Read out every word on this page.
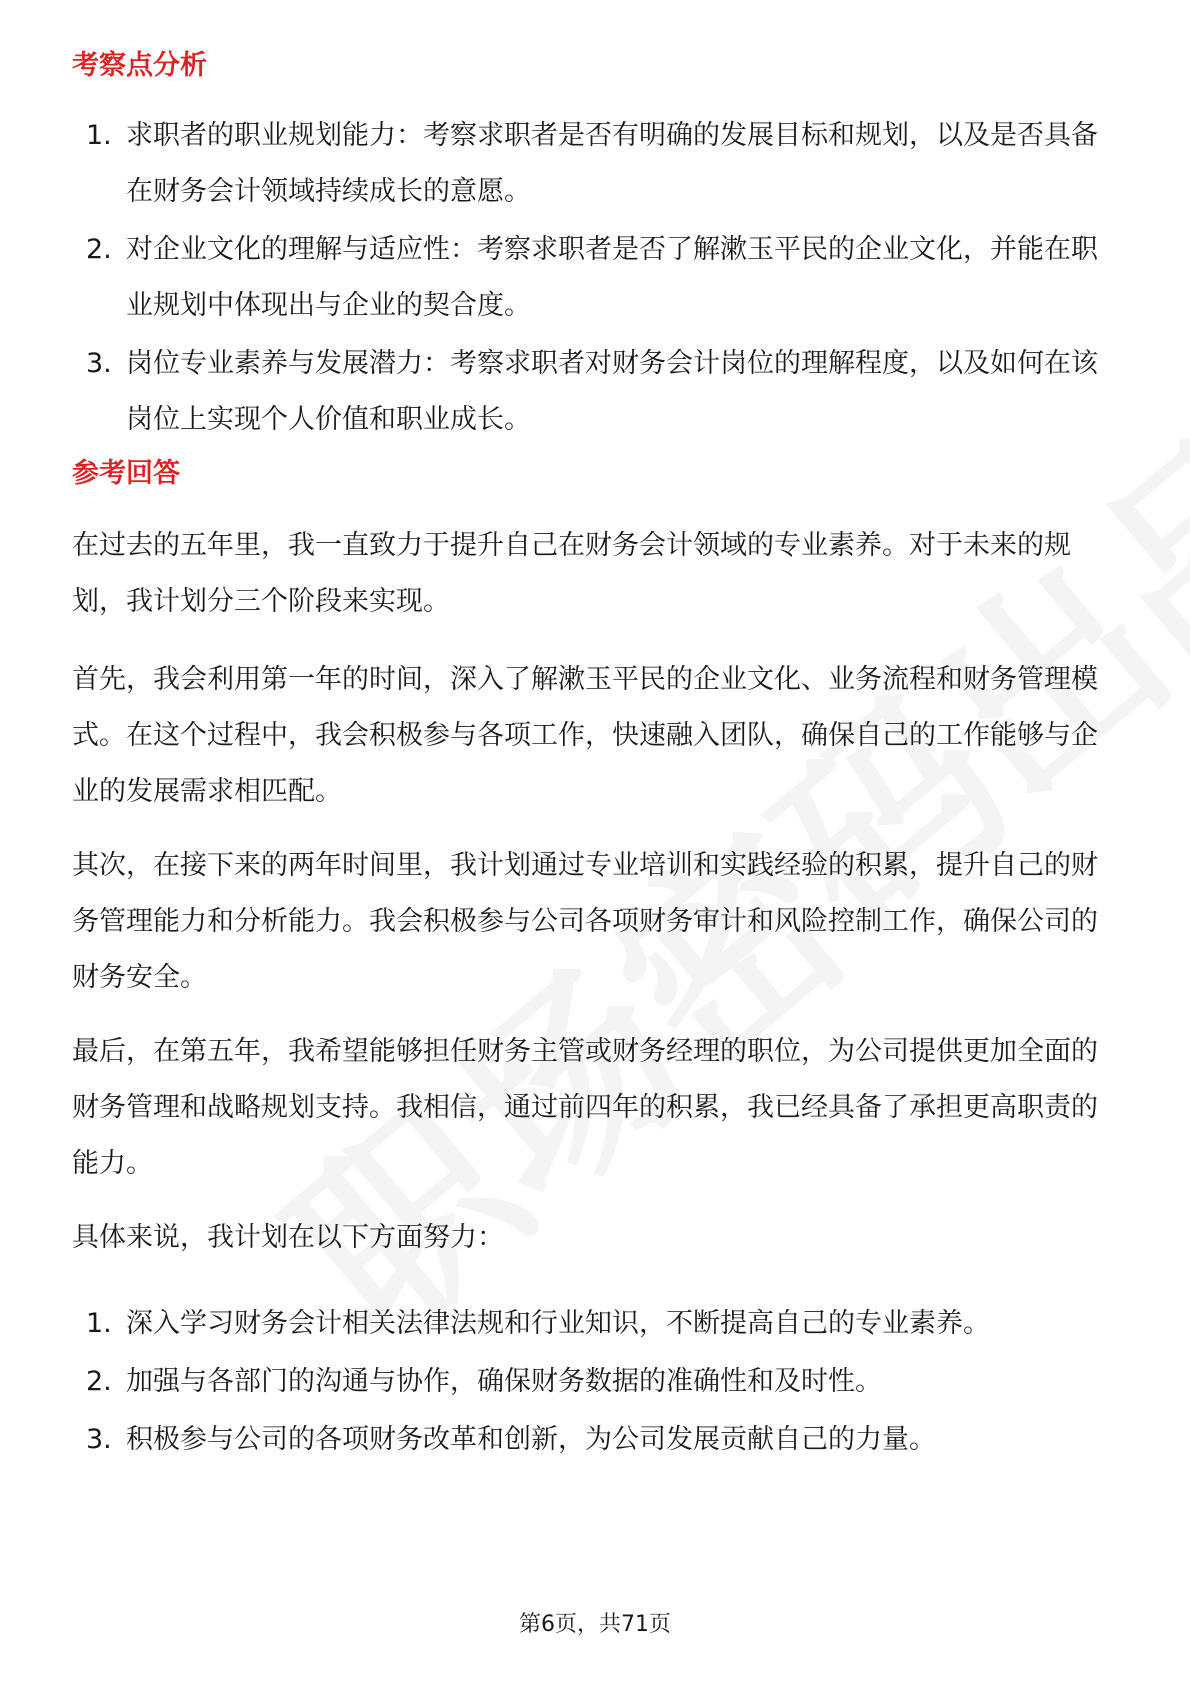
考察点分析
1. 求职者的职业规划能力：考察求职者是否有明确的发展目标和规划，以及是否具备在财务会计领域持续成长的意愿。
2. 对企业文化的理解与适应性：考察求职者是否了解漱玉平民的企业文化，并能在职业规划中体现出与企业的契合度。
3. 岗位专业素养与发展潜力：考察求职者对财务会计岗位的理解程度，以及如何在该岗位上实现个人价值和职业成长。
参考回答

在过去的五年里，我一直致力于提升自己在财务会计领域的专业素养。对于未来的规划，我计划分三个阶段来实现。

首先，我会利用第一年的时间，深入了解漱玉平民的企业文化、业务流程和财务管理模式。在这个过程中，我会积极参与各项工作，快速融入团队，确保自己的工作能够与企业的发展需求相匹配。

其次，在接下来的两年时间里，我计划通过专业培训和实践经验的积累，提升自己的财务管理能力和分析能力。我会积极参与公司各项财务审计和风险控制工作，确保公司的财务安全。

最后，在第五年，我希望能够担任财务主管或财务经理的职位，为公司提供更加全面的财务管理和战略规划支持。我相信，通过前四年的积累，我已经具备了承担更高职责的能力。

具体来说，我计划在以下方面努力：

1. 深入学习财务会计相关法律法规和行业知识，不断提高自己的专业素养。
2. 加强与各部门的沟通与协作，确保财务数据的准确性和及时性。
3. 积极参与公司的各项财务改革和创新，为公司发展贡献自己的力量。
第6页，共71页
